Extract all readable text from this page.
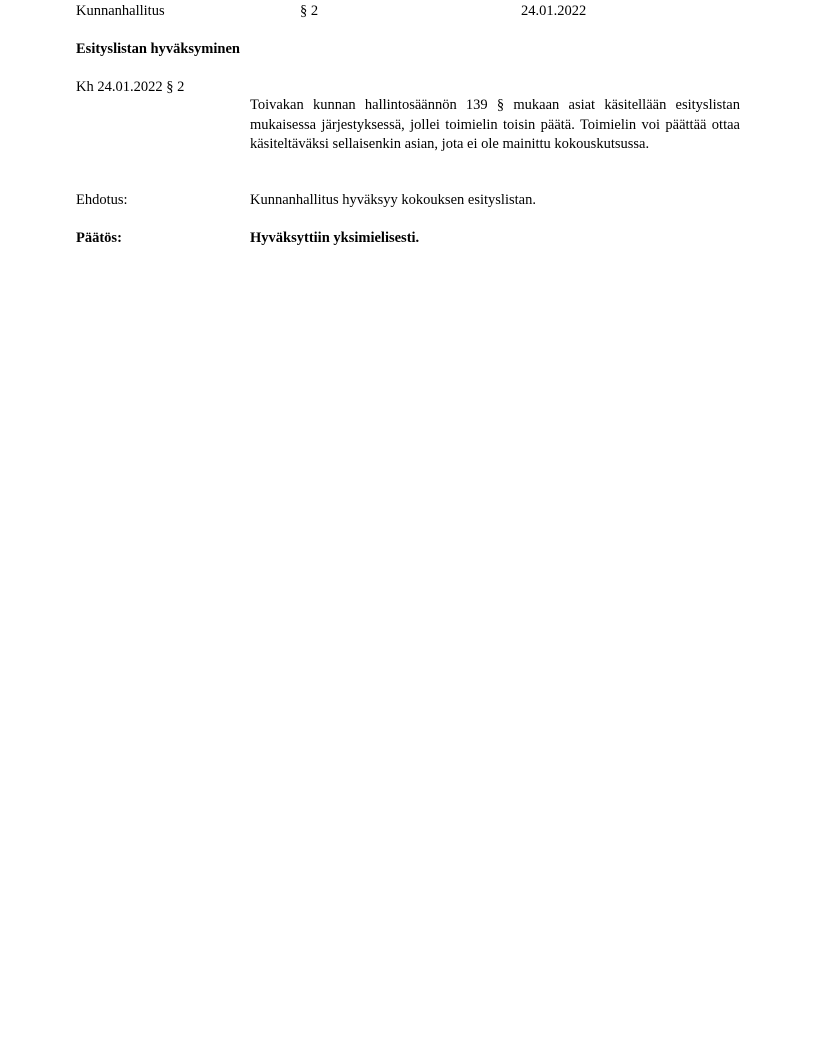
Kunnanhallitus	§ 2	24.01.2022
Esityslistan hyväksyminen
Kh 24.01.2022 § 2
Toivakan kunnan hallintosäännön 139 § mukaan asiat käsitellään esityslistan mukaisessa järjestyksessä, jollei toimielin toisin päätä. Toimielin voi päättää ottaa käsiteltäväksi sellaisenkin asian, jota ei ole mainittu kokouskutsussa.
Ehdotus:	Kunnanhallitus hyväksyy kokouksen esityslistan.
Päätös:	Hyväksyttiin yksimielisesti.
